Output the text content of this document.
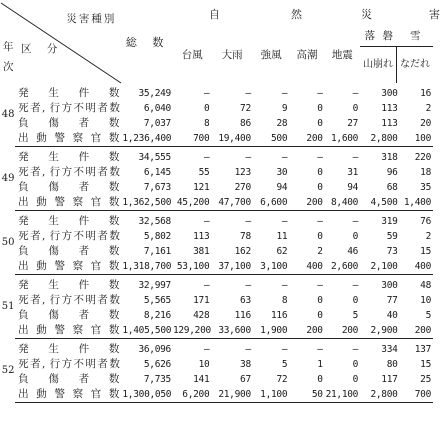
災害種別
年
次
区 分		総 数	自 然 災 害						

			台風	大雨	強風	高潮	地震	落 磐 雪
山崩れ なだれ	

48	発 生 件 数	35,249	—	—	—	—	—	300	16
	死者, 行方不明者数	6,040	0	72	9	0	0	113	2
	負 傷 者 数	7,037	8	86	28	0	27	113	20
	出動警察官数	1,236,400	700	19,400	500	200	1,600	2,800	100
49	発 生 件 数	34,555	—	—	—	—	—	318	220
	死者, 行方不明者数	6,145	55	123	30	0	31	96	18
	負 傷 者 数	7,673	121	270	94	0	94	68	35
	出動警察官数	1,362,500	45,200	47,700	6,600	200	8,400	4,500	1,400
50	発 生 件 数	32,568	—	—	—	—	—	319	76
	死者, 行方不明者数	5,802	113	78	11	0	0	59	2
	負 傷 者 数	7,161	381	162	62	2	46	73	15
	出動警察官数	1,318,700	53,100	37,100	3,100	400	2,600	2,100	400
51	発 生 件 数	32,997	—	—	—	—	—	300	48
	死者, 行方不明者数	5,565	171	63	8	0	0	77	10
	負 傷 者 数	8,216	428	116	116	0	5	40	5
	出動警察官数	1,405,500	129,200	33,600	1,900	200	200	2,900	200
52	発 生 件 数	36,096	—	—	—	—	—	334	137
	死者, 行方不明者数	5,626	10	38	5	1	0	80	15
	負 傷 者 数	7,735	141	67	72	0	0	117	25
	出動警察官数	1,300,050	6,200	21,900	1,100	50	21,100	2,800	700
